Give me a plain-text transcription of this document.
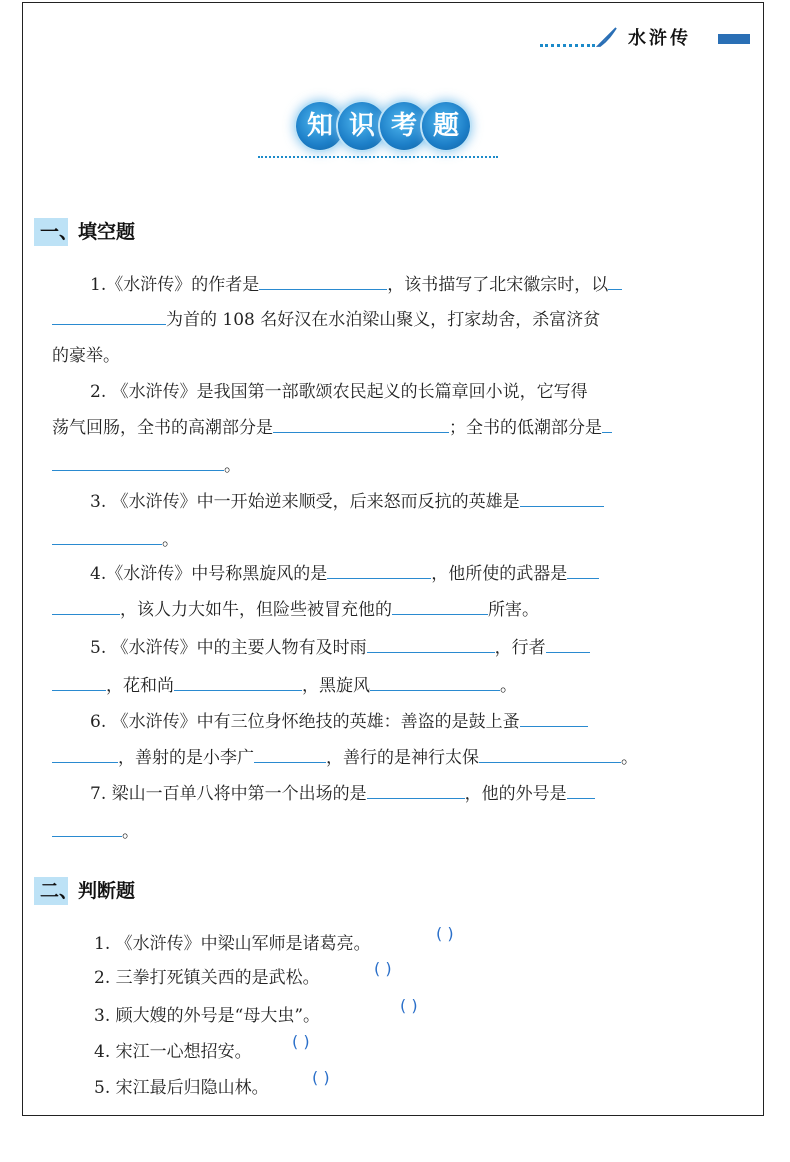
水浒传
知 识 考 题
一、填空题
1.《水浒传》的作者是	，该书描写了北宋徽宗时，以
为首的 108 名好汉在水泊梁山聚义，打家劫舍，杀富济贫
的豪举。
2. 《水浒传》是我国第一部歌颂农民起义的长篇章回小说，它写得
荡气回肠，全书的高潮部分是	；全书的低潮部分是
。
3. 《水浒传》中一开始逆来顺受，后来怒而反抗的英雄是
。
4.《水浒传》中号称黑旋风的是	，他所使的武器是
，该人力大如牛，但险些被冒充他的	所害。
5. 《水浒传》中的主要人物有及时雨	，行者
，花和尚	，黑旋风	。
6. 《水浒传》中有三位身怀绝技的英雄：善盗的是鼓上蚤
，善射的是小李广	，善行的是神行太保	。
7. 梁山一百单八将中第一个出场的是	，他的外号是
。
二、判断题
1. 《水浒传》中梁山军师是诸葛亮。
( )
2. 三拳打死镇关西的是武松。	( )
3. 顾大嫂的外号是“母大虫”。
( )
4. 宋江一心想招安。
( )
5. 宋江最后归隐山林。
( )
